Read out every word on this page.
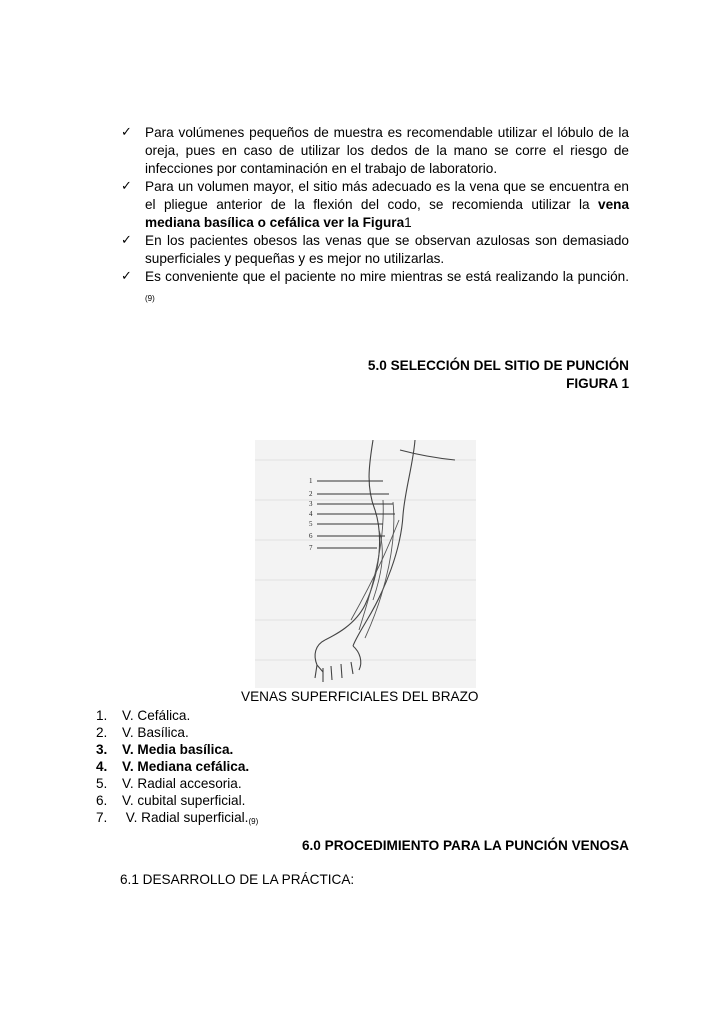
✓ Para volúmenes pequeños de muestra es recomendable utilizar el lóbulo de la oreja, pues en caso de utilizar los dedos de la mano se corre el riesgo de infecciones por contaminación en el trabajo de laboratorio.
✓ Para un volumen mayor, el sitio más adecuado es la vena que se encuentra en el pliegue anterior de la flexión del codo, se recomienda utilizar la vena mediana basílica o cefálica ver la Figura1
✓ En los pacientes obesos las venas que se observan azulosas son demasiado superficiales y pequeñas y es mejor no utilizarlas.
✓ Es conveniente que el paciente no mire mientras se está realizando la $punción._{(9)}$
5.0 SELECCIÓN DEL SITIO DE PUNCIÓN
FIGURA 1
1
2
3
4
5
6
7
VENAS SUPERFICIALES DEL BRAZO
1. V. Cefálica.
2. V. Basílica.
3. V. Media basílica.
4. V. Mediana cefálica.
5. V. Radial accesoria.
6. V. cubital superficial.
7. V. Radial $superficial._{(9)}$
6.0 PROCEDIMIENTO PARA LA PUNCIÓN VENOSA
6.1 DESARROLLO DE LA PRÁCTICA:
